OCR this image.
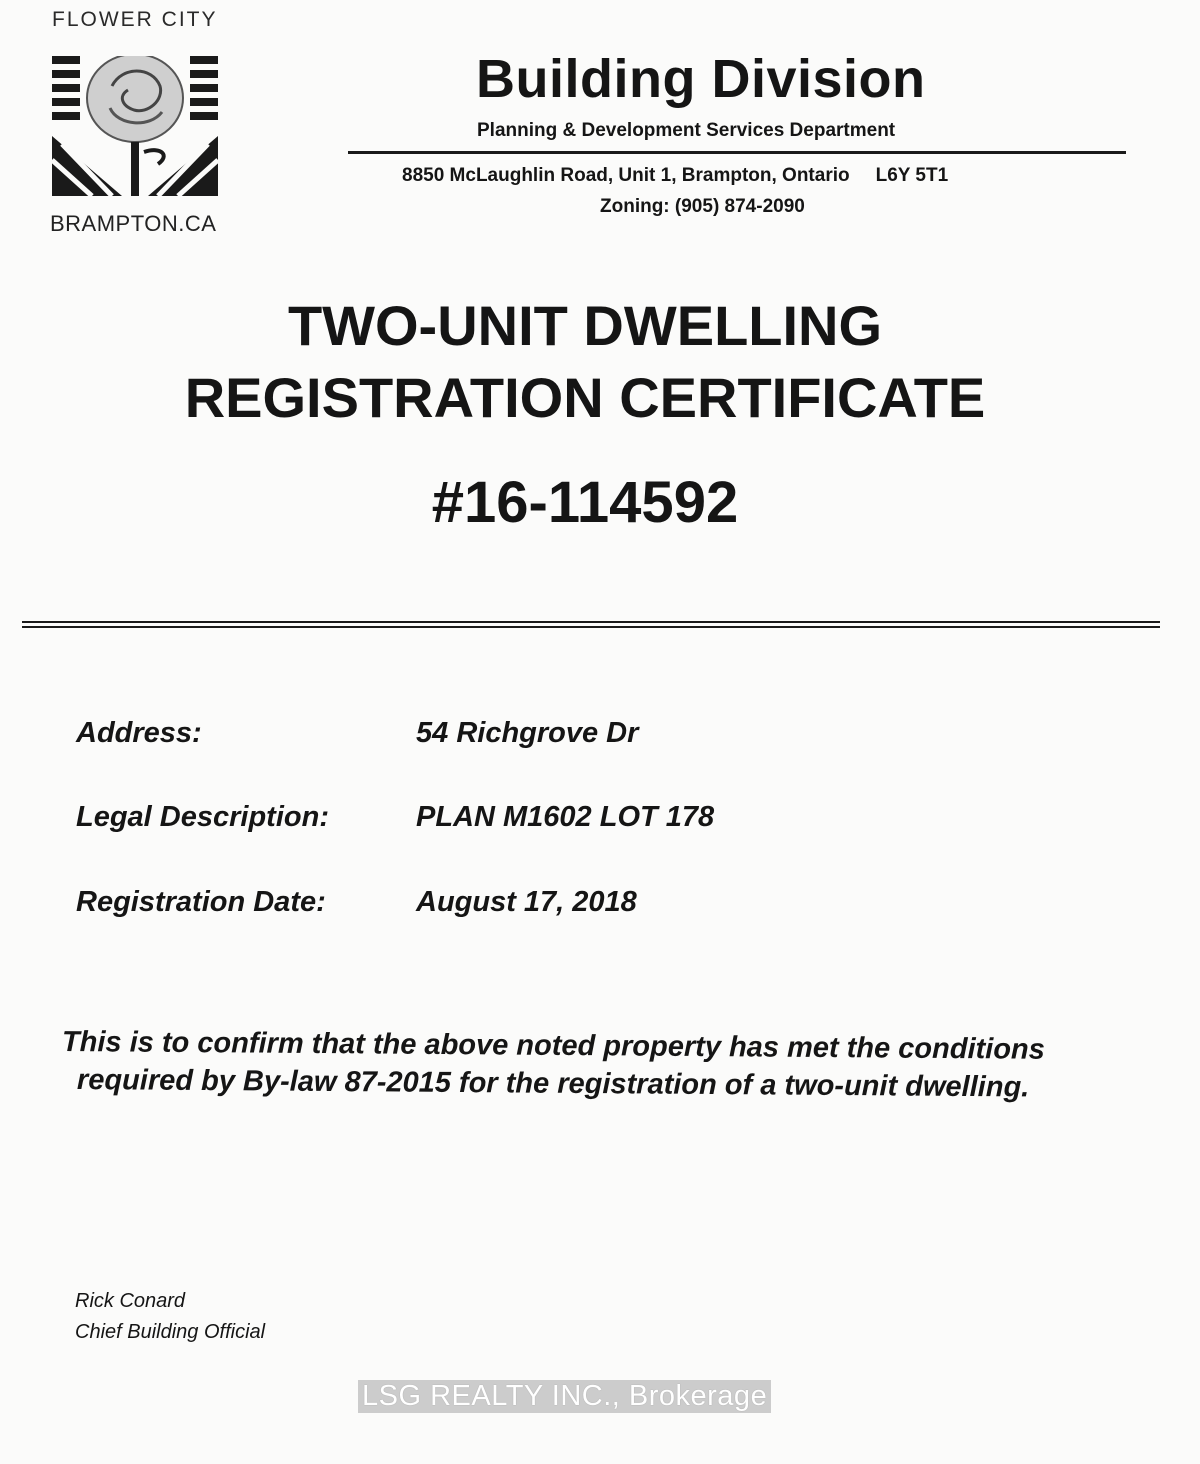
FLOWER CITY
BRAMPTON.CA
Building Division
Planning & Development Services Department
8850 McLaughlin Road, Unit 1, Brampton, Ontario L6Y 5T1
Zoning: (905) 874-2090
TWO-UNIT DWELLING
REGISTRATION CERTIFICATE
#16-114592
Address:	54 Richgrove Dr
Legal Description:	PLAN M1602 LOT 178
Registration Date:	August 17, 2018
This is to confirm that the above noted property has met the conditions
required by By-law 87-2015 for the registration of a two-unit dwelling.
Rick Conard
Chief Building Official
LSG REALTY INC., Brokerage
